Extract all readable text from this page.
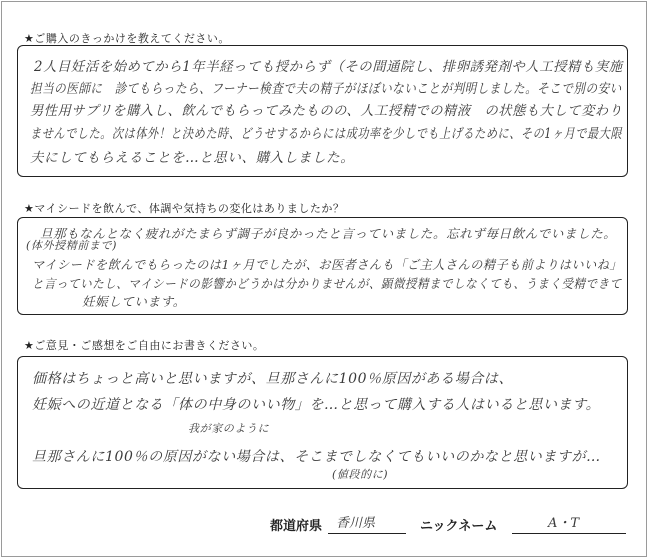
★ご購入のきっかけを教えてください。
2人目妊活を始めてから1年半経っても授からず（その間通院し、排卵誘発剤や人工授精も実施
担当の医師に　診てもらったら、フーナー検査で夫の精子がほぼいないことが判明しました。そこで別の安い
男性用サプリを購入し、飲んでもらってみたものの、人工授精での精液　の状態も大して変わり
ませんでした。次は体外！と決めた時、どうせするからには成功率を少しでも上げるために、その1ヶ月で最大限
夫にしてもらえることを…と思い、購入しました。
★マイシードを飲んで、体調や気持ちの変化はありましたか？
旦那もなんとなく疲れがたまらず調子が良かったと言っていました。忘れず毎日飲んでいました。
(体外授精前まで)
マイシードを飲んでもらったのは1ヶ月でしたが、お医者さんも「ご主人さんの精子も前よりはいいね」
と言っていたし、マイシードの影響かどうかは分かりませんが、顕微授精までしなくても、うまく受精できて
妊娠しています。
★ご意見・ご感想をご自由にお書きください。
価格はちょっと高いと思いますが、旦那さんに100％原因がある場合は、
妊娠への近道となる「体の中身のいい物」を…と思って購入する人はいると思います。
我が家のように
旦那さんに100％の原因がない場合は、そこまでしなくてもいいのかなと思いますが…
(値段的に)
都道府県 香川県	ニックネーム	A・T
